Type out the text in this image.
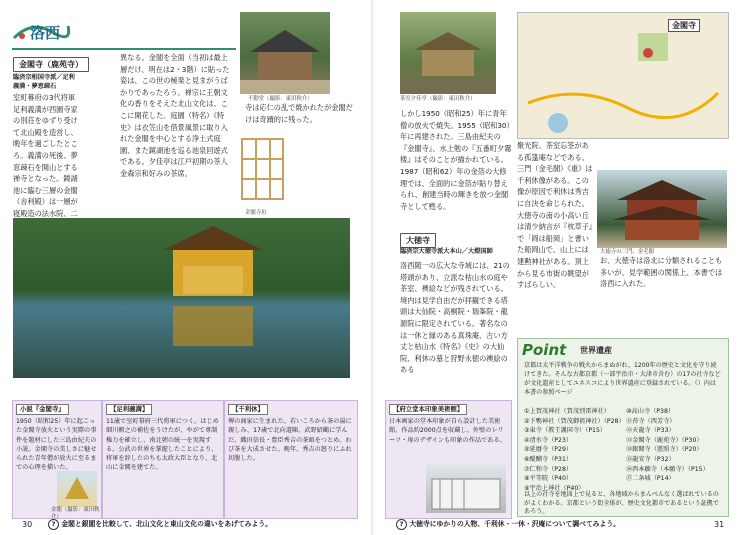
洛西
金閣寺（鹿苑寺）
臨済宗相国寺派／足利義満・夢窓疎石
室町幕府の3代将軍足利義満が西園寺家の別荘をゆずり受けて北山殿を造営し、晩年を過ごしたところ。義満の死後、夢窓疎石を開山とする禅寺となった。鏡湖池に臨む三層の金閣（舎利殿）は一層が寝殿造の法水院、二
異なる。金閣を全面（当初は最上層だけ、明在は2・3階）に貼った姿は、この世の極楽と見まがうばかりであったろう。禅宗に王朝文化の香りをそえた北山文化は、ここに開花した。庭園（特名）《特史》は衣笠山を借景風景に取り入れた金閣を中心とする浄土式庭園、また鏡湖池を巡る池泉回遊式である。夕佳亭は江戸初期の茶人金森宗和好みの茶席。
不動堂（撮影：東田秋介）	茶室夕佳亭（撮影：東田秋介）
金閣寺垣
寺は応仁の乱で焼かれたが金閣だけは奇蹟的に残った。
鏡湖池に映る金閣（撮影：東田秋介）
しかし1950（昭和25）年に青年僧の放火で焼失。1955（昭和30）年に再建された。三島由紀夫の『金閣寺』、水上勉の『五番町夕霧楼』はそのことが描かれている。1987（昭和62）年の金箔の大修理では、全面的に金箔が貼り替えられ、創建当時の輝きを放つ金閣寺として甦る。
金閣寺
大徳寺
臨済宗大徳寺派大本山／大燈国師
洛西随一の広大な寺域には、21の塔頭があり、立派な枯山水の庭や茶室、襖絵などが残されている。境内は見学自由だが拝観できる塔頭は大仙院・高桐院・瑞峯院・龍源院に限定されている。著名なのは一休と縁のある真珠庵、古い方丈と枯山水《特名》《史》の大仙院、利休の墓と狩野永徳の襖絵のある
聚光院、茶室忘筌がある孤篷庵などである。三門（金毛閣）《重》は千利休像がある。この像が原因で利休は秀吉に自決を命じられた。大徳寺の南の小高い丘は清少納言が『枕草子』で「岡は船岡」と書いた船岡山で、山上には建勲神社がある。頂上から見る市街の眺望がすばらしい。
お、大徳寺は洛北に分類されることも多いが、見学範囲の関係上、本書では洛西に入れた。
大徳寺の三門、金毛閣
Point 世界遺産
京都は太平洋戦争の戦火からまぬがれ、1200年の歴史と文化を守り続けてきた。そんな古都京都（一部宇治市・大津市含む）の17の社寺などが文化遺産としてユネスコにより世界遺産に登録されている。（）内は本書の参照ページ
①上賀茂神社（賀茂別雷神社）
②下鴨神社（賀茂御祖神社）（P28）
③東寺（教王護国寺）（P15）
④清水寺（P23）
⑤延暦寺（P29）
⑥醍醐寺（P31）
⑦仁和寺（P28）
⑧平等院（P40）
⑨宇治上神社（P40）
⑩高山寺（P38）
⑪苔寺（西芳寺）
⑫天龍寺（P33）
⑬金閣寺（鹿苑寺）（P30）
⑭銀閣寺（慈照寺）（P20）
⑮龍安寺（P32）
⑯西本願寺（本願寺）（P15）
⑰二条城（P14）
以上の社寺を地図上で見ると、各地域からまんべんなく選ばれているのがよくわかる。京都という街全体が、歴史文化都市であるという証拠であろう。
小説『金閣寺』
1950（昭和25）年に起こった金閣寺放火という実際の事件を題材にした三島由紀夫の小説。金閣寺の美しさに魅せられた青年僧が放火に至るまでの心理を描いた。
金閣（撮影：東田秋介）
【足利義満】
11歳で室町幕府三代将軍につく。はじめ細川頼之の補佐をうけたが、やがて専制権力を確立し、南北朝の統一を実現する。公武の世界を掌握したことにより、将軍を辞したのちも太政大臣となり、北山に金閣を建てた。
【千利休】
堺の商家に生まれた。若いころから茶の湯に親しみ、17歳で北向道陳、武野紹鷗に学んだ。織田信長・豊臣秀吉の茶頭をつとめ、わび茶を大成させた。晩年、秀吉の怒りにふれ切腹した。
【府立堂本印象美術館】
日本画家の堂本印象が自ら設計した美術館。作品約2000点を収蔵し、外壁のレリーフ・扉のデザインも印象の作品である。
30	? 金閣と銀閣を比較して、北山文化と東山文化の違いをあげてみよう。	? 大徳寺にゆかりの人物、千利休・一休・沢庵について調べてみよう。	31
